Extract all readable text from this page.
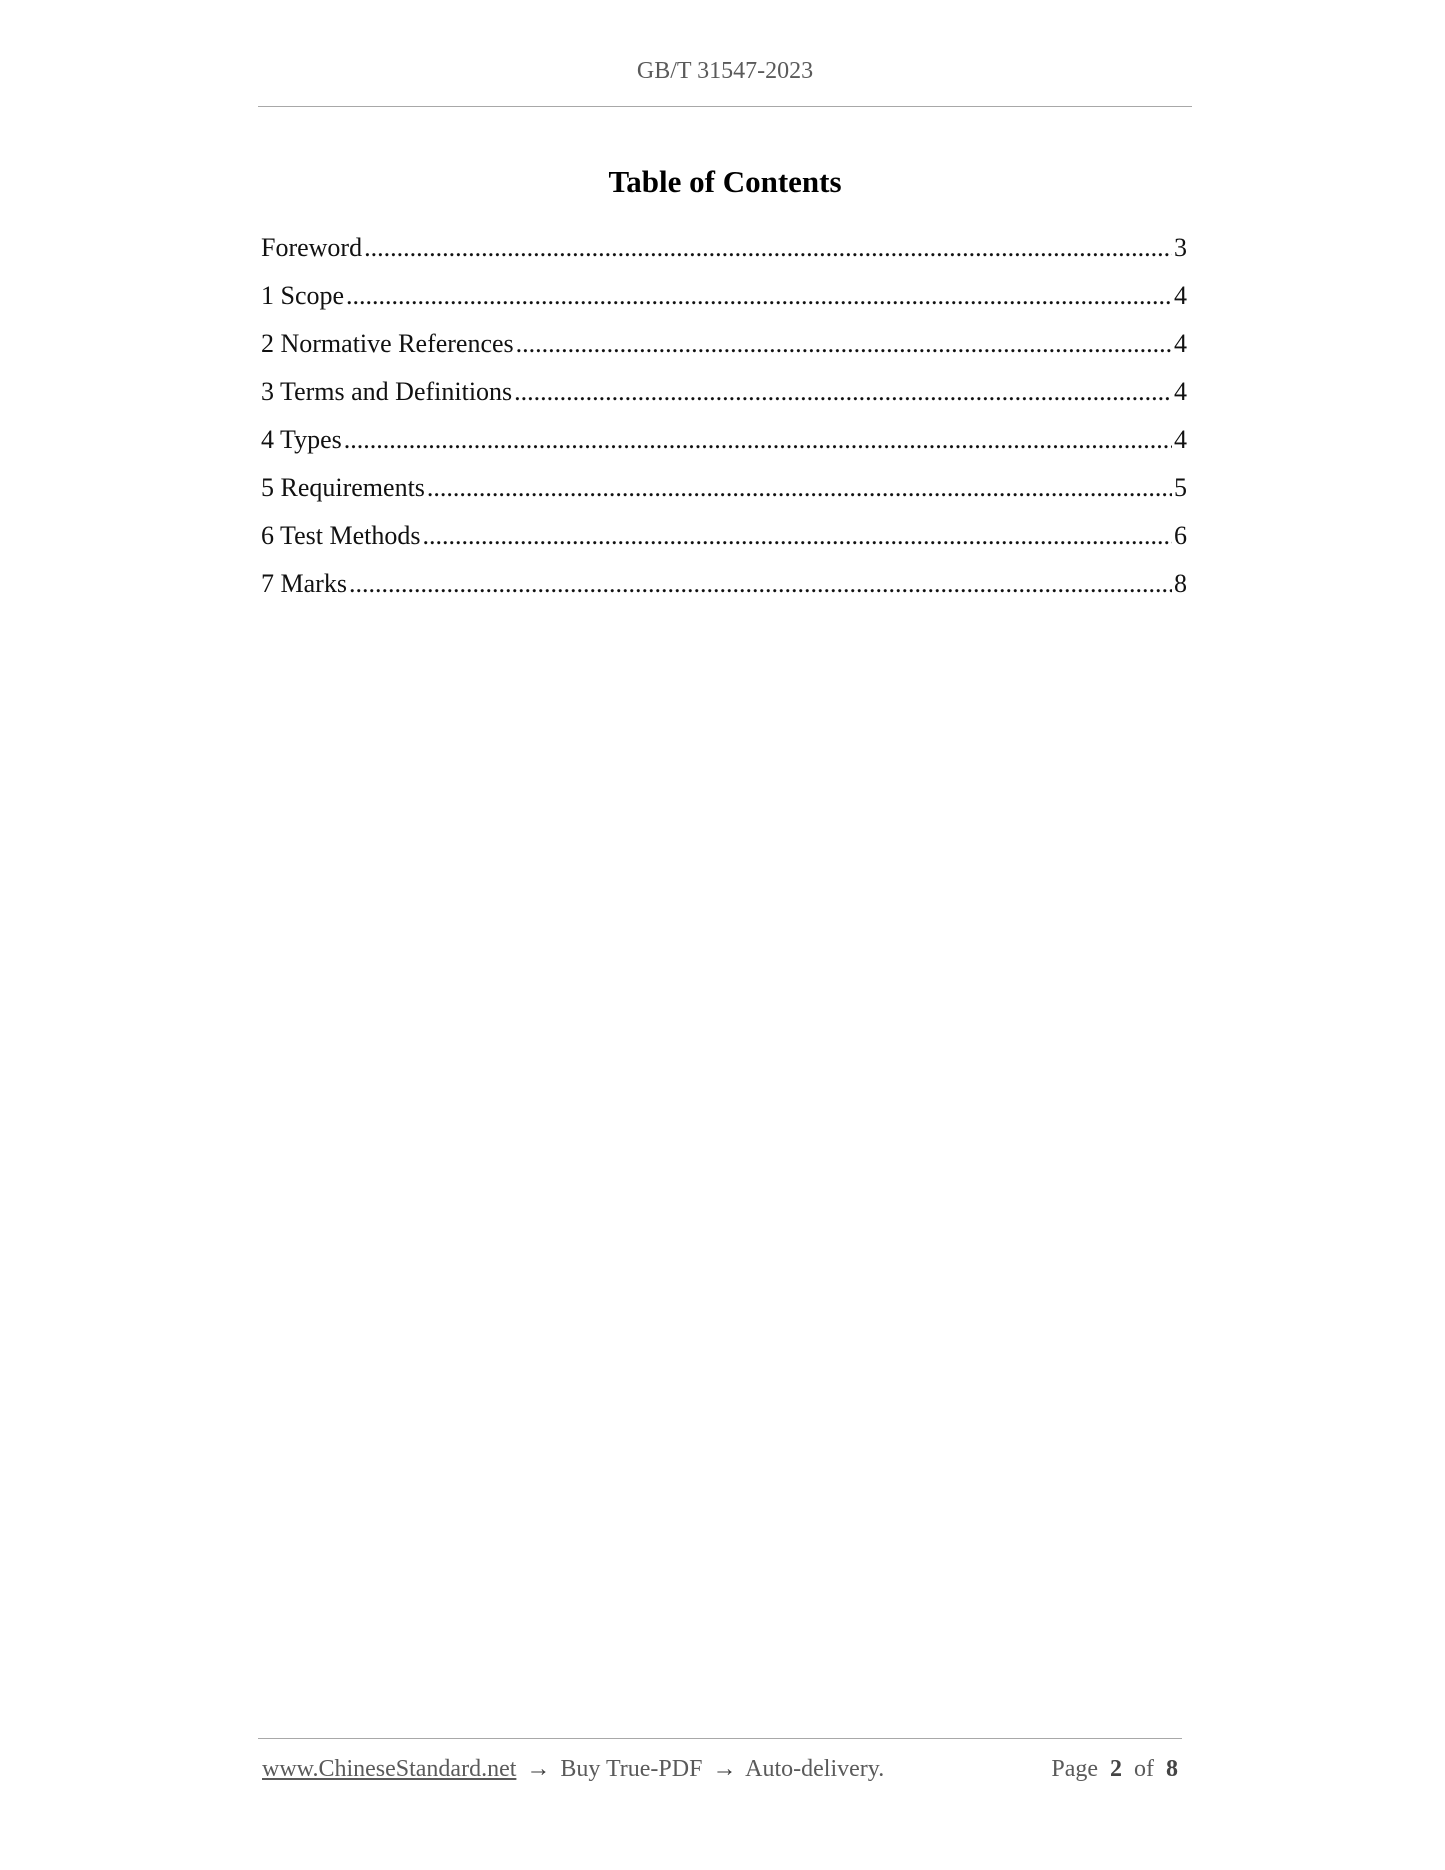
GB/T 31547-2023
Table of Contents
Foreword .....	3
1 Scope .....	4
2 Normative References .....	4
3 Terms and Definitions .....	4
4 Types .....	4
5 Requirements .....	5
6 Test Methods .....	6
7 Marks .....	8
www.ChineseStandard.net → Buy True-PDF → Auto-delivery.	Page 2 of 8
